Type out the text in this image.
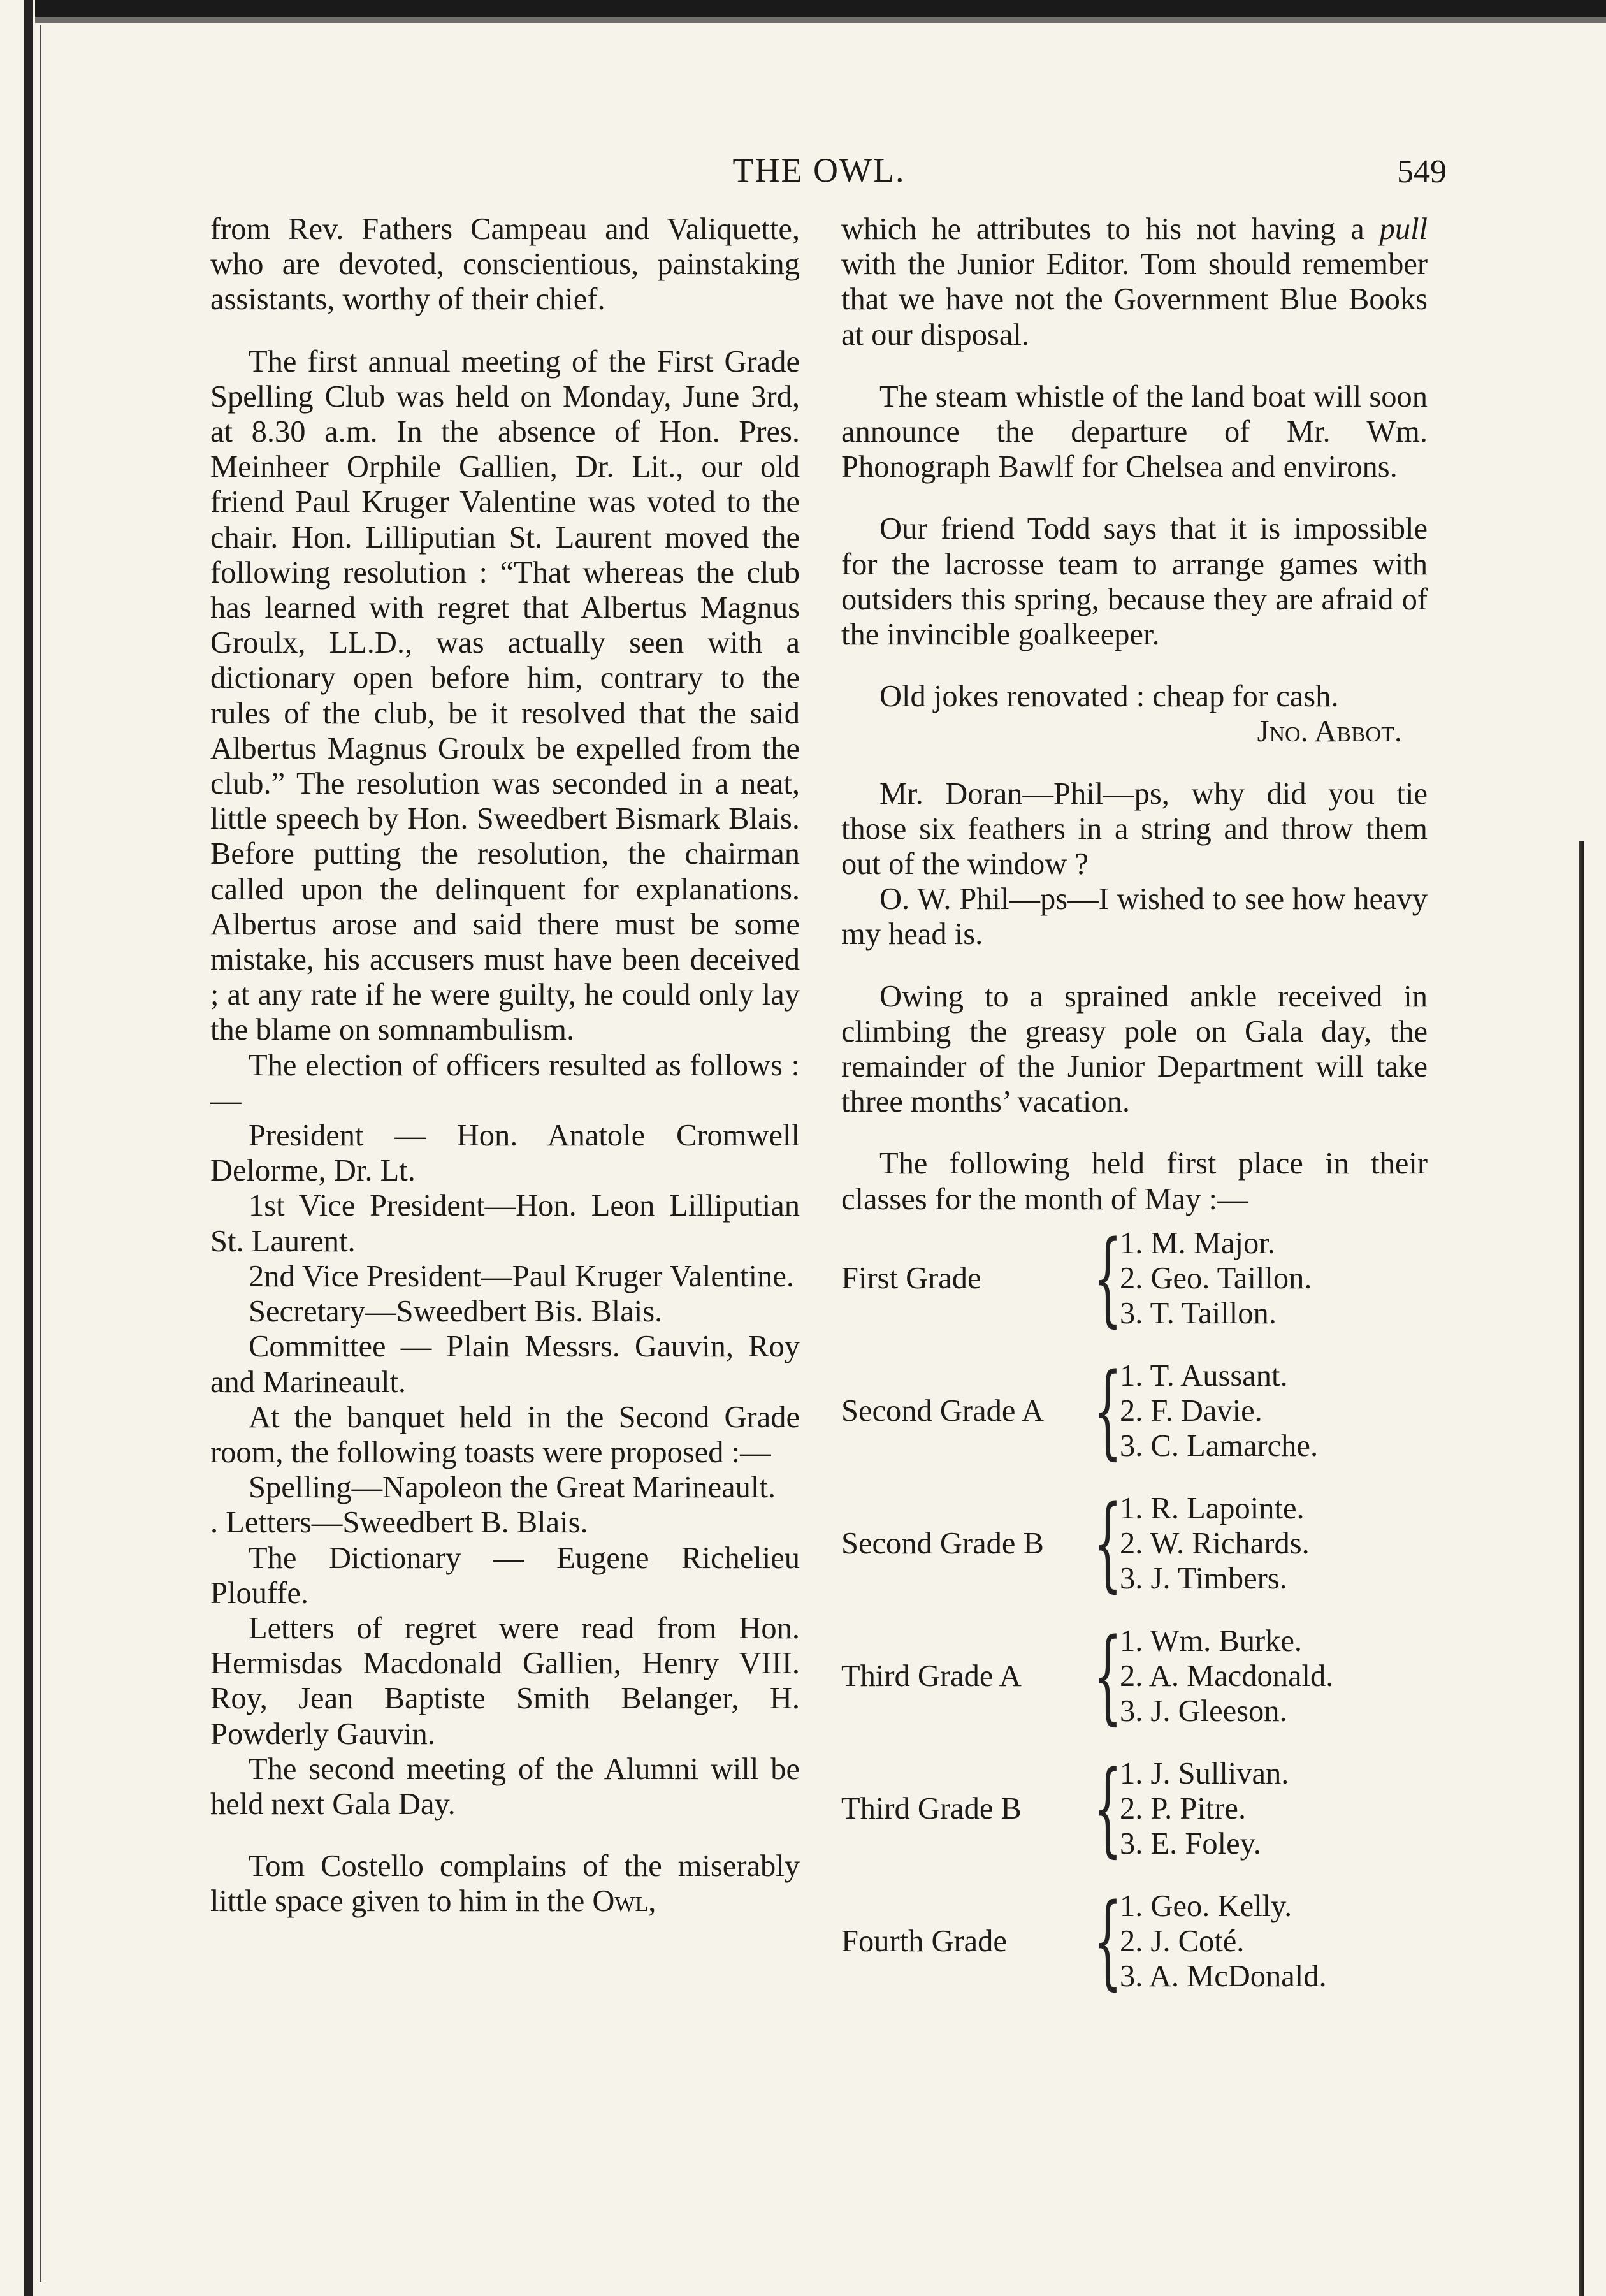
THE OWL.	549

from Rev. Fathers Campeau and Valiquette, who are devoted, conscientious, painstaking assistants, worthy of their chief.

The first annual meeting of the First Grade Spelling Club was held on Monday, June 3rd, at 8.30 a.m. In the absence of Hon. Pres. Meinheer Orphile Gallien, Dr. Lit., our old friend Paul Kruger Valentine was voted to the chair. Hon. Lilliputian St. Laurent moved the following resolution : “That whereas the club has learned with regret that Albertus Magnus Groulx, LL.D., was actually seen with a dictionary open before him, contrary to the rules of the club, be it resolved that the said Albertus Magnus Groulx be expelled from the club.” The resolution was seconded in a neat, little speech by Hon. Sweedbert Bismark Blais. Before putting the resolution, the chairman called upon the delinquent for explanations. Albertus arose and said there must be some mistake, his accusers must have been deceived ; at any rate if he were guilty, he could only lay the blame on somnambulism.

The election of officers resulted as follows :—

President — Hon. Anatole Cromwell Delorme, Dr. Lt.

1st Vice President—Hon. Leon Lilliputian St. Laurent.

2nd Vice President—Paul Kruger Valentine.

Secretary—Sweedbert Bis. Blais.

Committee — Plain Messrs. Gauvin, Roy and Marineault.

At the banquet held in the Second Grade room, the following toasts were proposed :—

Spelling—Napoleon the Great Marineault.

. Letters—Sweedbert B. Blais.

The Dictionary — Eugene Richelieu Plouffe.

Letters of regret were read from Hon. Hermisdas Macdonald Gallien, Henry VIII. Roy, Jean Baptiste Smith Belanger, H. Powderly Gauvin.

The second meeting of the Alumni will be held next Gala Day.

Tom Costello complains of the miserably little space given to him in the Owl,

which he attributes to his not having a pull with the Junior Editor. Tom should remember that we have not the Government Blue Books at our disposal.

The steam whistle of the land boat will soon announce the departure of Mr. Wm. Phonograph Bawlf for Chelsea and environs.

Our friend Todd says that it is impossible for the lacrosse team to arrange games with outsiders this spring, because they are afraid of the invincible goalkeeper.

Old jokes renovated : cheap for cash.

Jno. Abbot.

Mr. Doran—Phil—ps, why did you tie those six feathers in a string and throw them out of the window ?

O. W. Phil—ps—I wished to see how heavy my head is.

Owing to a sprained ankle received in climbing the greasy pole on Gala day, the remainder of the Junior Department will take three months’ vacation.

The following held first place in their classes for the month of May :—

First Grade	{
1. M. Major.
2. Geo. Taillon.
3. T. Taillon.
Second Grade A {
1. T. Aussant.
2. F. Davie.
3. C. Lamarche.
Second Grade B {
1. R. Lapointe.
2. W. Richards.
3. J. Timbers.
Third Grade A {
1. Wm. Burke.
2. A. Macdonald.
3. J. Gleeson.
Third Grade B {
1. J. Sullivan.
2. P. Pitre.
3. E. Foley.
Fourth Grade {
1. Geo. Kelly.
2. J. Coté.
3. A. McDonald.
